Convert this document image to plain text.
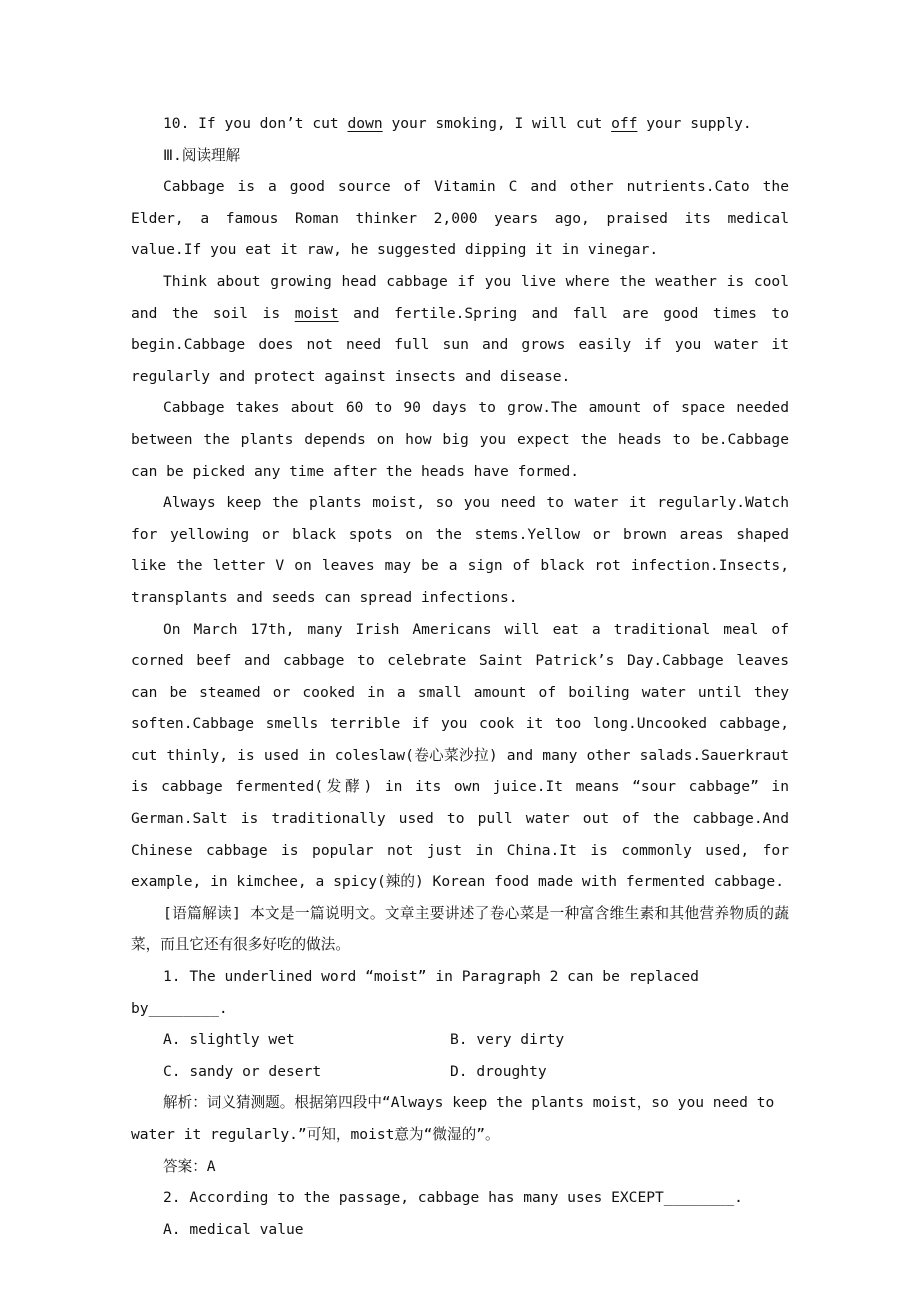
10. If you don’t cut down your smoking, I will cut off your supply.

Ⅲ.阅读理解

Cabbage is a good source of Vitamin C and other nutrients.Cato the Elder, a famous Roman thinker 2,000 years ago, praised its medical value.If you eat it raw, he suggested dipping it in vinegar.

Think about growing head cabbage if you live where the weather is cool and the soil is moist and fertile.Spring and fall are good times to begin.Cabbage does not need full sun and grows easily if you water it regularly and protect against insects and disease.

Cabbage takes about 60 to 90 days to grow.The amount of space needed between the plants depends on how big you expect the heads to be.Cabbage can be picked any time after the heads have formed.

Always keep the plants moist, so you need to water it regularly.Watch for yellowing or black spots on the stems.Yellow or brown areas shaped like the letter V on leaves may be a sign of black rot infection.Insects, transplants and seeds can spread infections.

On March 17th, many Irish Americans will eat a traditional meal of corned beef and cabbage to celebrate Saint Patrick’s Day.Cabbage leaves can be steamed or cooked in a small amount of boiling water until they soften.Cabbage smells terrible if you cook it too long.Uncooked cabbage, cut thinly, is used in coleslaw(卷心菜沙拉) and many other salads.Sauerkraut is cabbage fermented(发酵) in its own juice.It means “sour cabbage” in German.Salt is traditionally used to pull water out of the cabbage.And Chinese cabbage is popular not just in China.It is commonly used, for example, in kimchee, a spicy(辣的) Korean food made with fermented cabbage.

[语篇解读] 本文是一篇说明文。文章主要讲述了卷心菜是一种富含维生素和其他营养物质的蔬菜，而且它还有很多好吃的做法。

1. The underlined word “moist” in Paragraph 2 can be replaced by________.

A. slightly wet	B. very dirty
C. sandy or desert	D. droughty

解析：词义猜测题。根据第四段中“Always keep the plants moist，so you need to water it regularly.”可知，moist意为“微湿的”。

答案：A

2. According to the passage, cabbage has many uses EXCEPT________.

A. medical value
